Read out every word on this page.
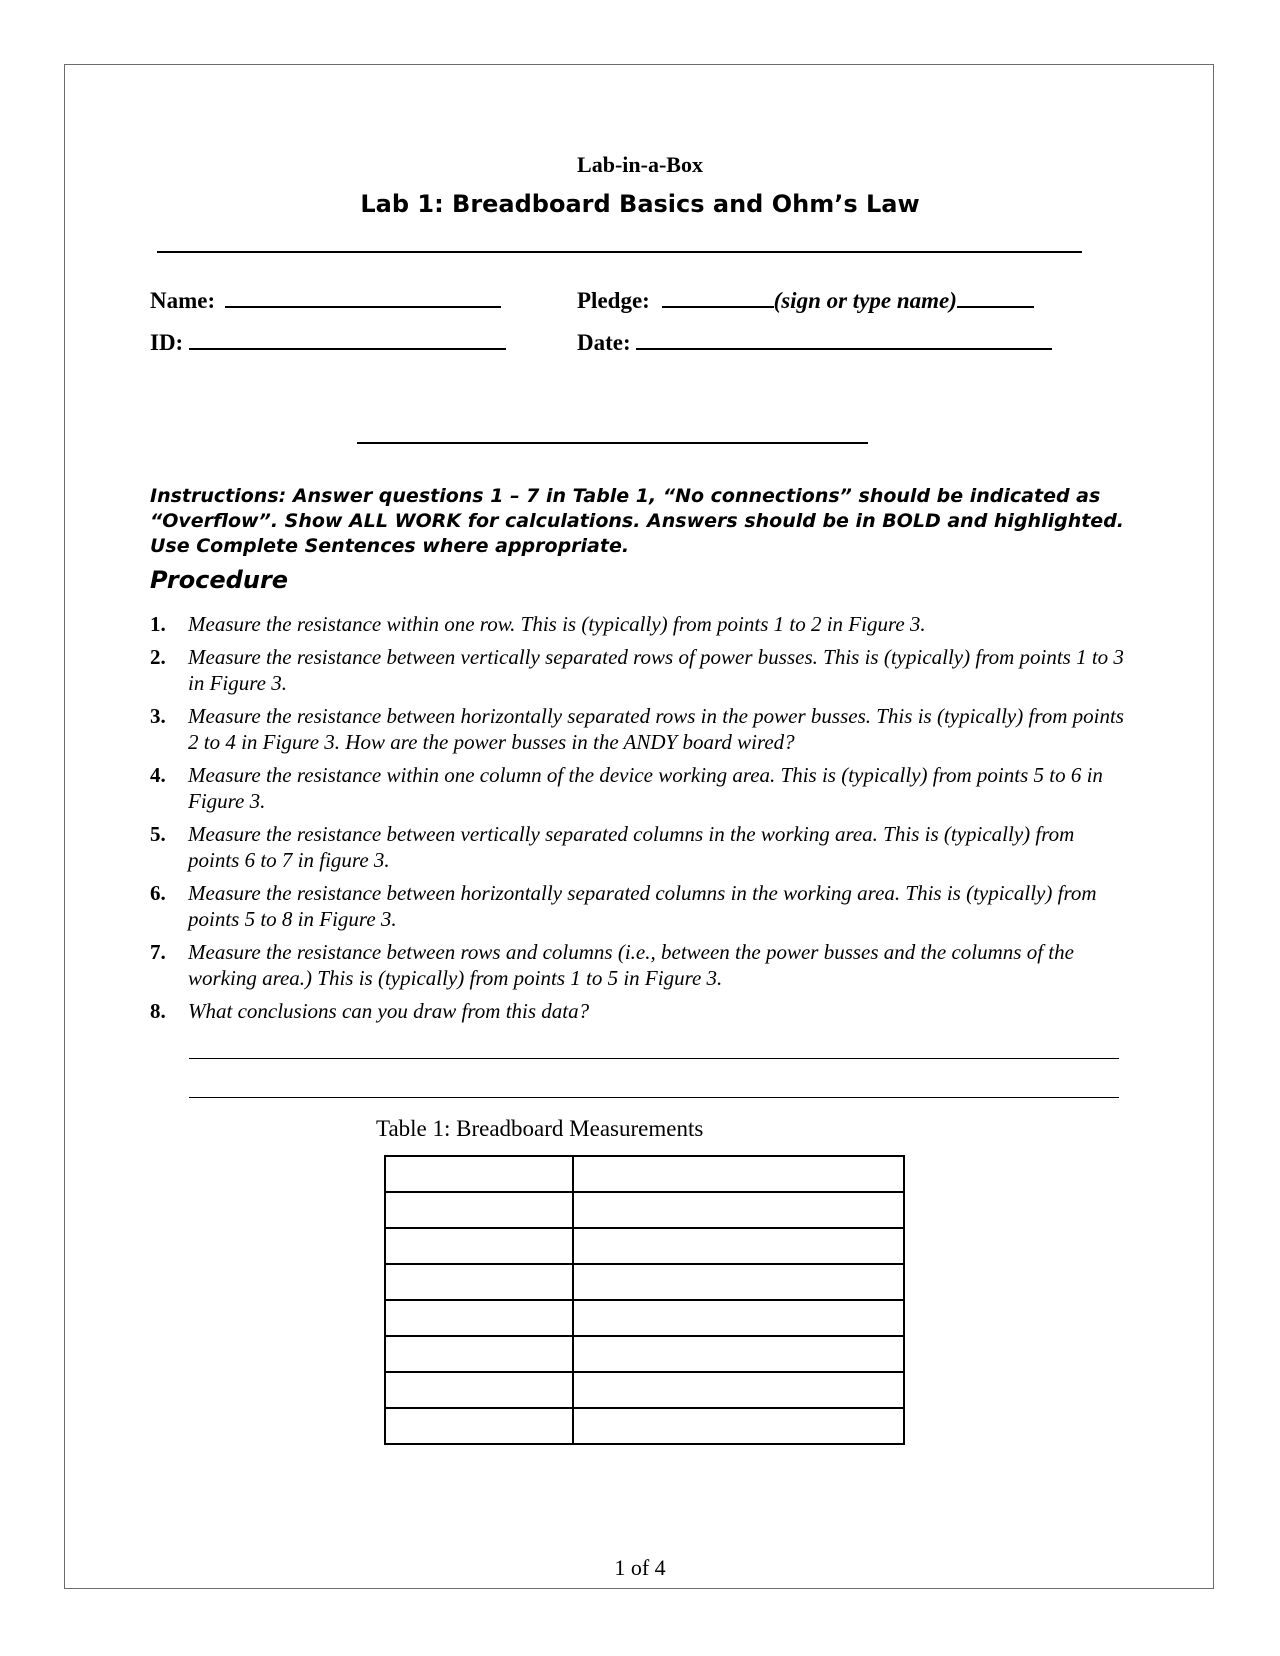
Lab-in-a-Box
Lab 1: Breadboard Basics and Ohm’s Law
Name:	Pledge:	(sign or type name)
ID:	Date:
Instructions: Answer questions 1 – 7 in Table 1, “No connections” should be indicated as “Overflow”. Show ALL WORK for calculations. Answers should be in BOLD and highlighted. Use Complete Sentences where appropriate.
Procedure
1. Measure the resistance within one row. This is (typically) from points 1 to 2 in Figure 3.
2. Measure the resistance between vertically separated rows of power busses. This is (typically) from points 1 to 3 in Figure 3.
3. Measure the resistance between horizontally separated rows in the power busses. This is (typically) from points 2 to 4 in Figure 3. How are the power busses in the ANDY board wired?
4. Measure the resistance within one column of the device working area. This is (typically) from points 5 to 6 in Figure 3.
5. Measure the resistance between vertically separated columns in the working area. This is (typically) from points 6 to 7 in figure 3.
6. Measure the resistance between horizontally separated columns in the working area. This is (typically) from points 5 to 8 in Figure 3.
7. Measure the resistance between rows and columns (i.e., between the power busses and the columns of the working area.) This is (typically) from points 1 to 5 in Figure 3.
8. What conclusions can you draw from this data?
Table 1: Breadboard Measurements

1 of 4
